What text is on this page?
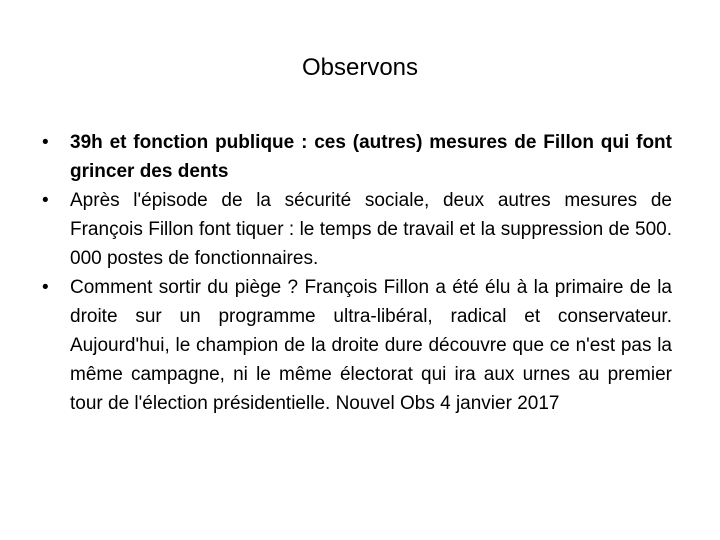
Observons
•	39h et fonction publique : ces (autres) mesures de Fillon qui font grincer des dents
•	Après l'épisode de la sécurité sociale, deux autres mesures de François Fillon font tiquer : le temps de travail et la suppression de 500. 000 postes de fonctionnaires.
•	Comment sortir du piège ? François Fillon a été élu à la primaire de la droite sur un programme ultra-libéral, radical et conservateur. Aujourd'hui, le champion de la droite dure découvre que ce n'est pas la même campagne, ni le même électorat qui ira aux urnes au premier tour de l'élection présidentielle. Nouvel Obs 4 janvier 2017
